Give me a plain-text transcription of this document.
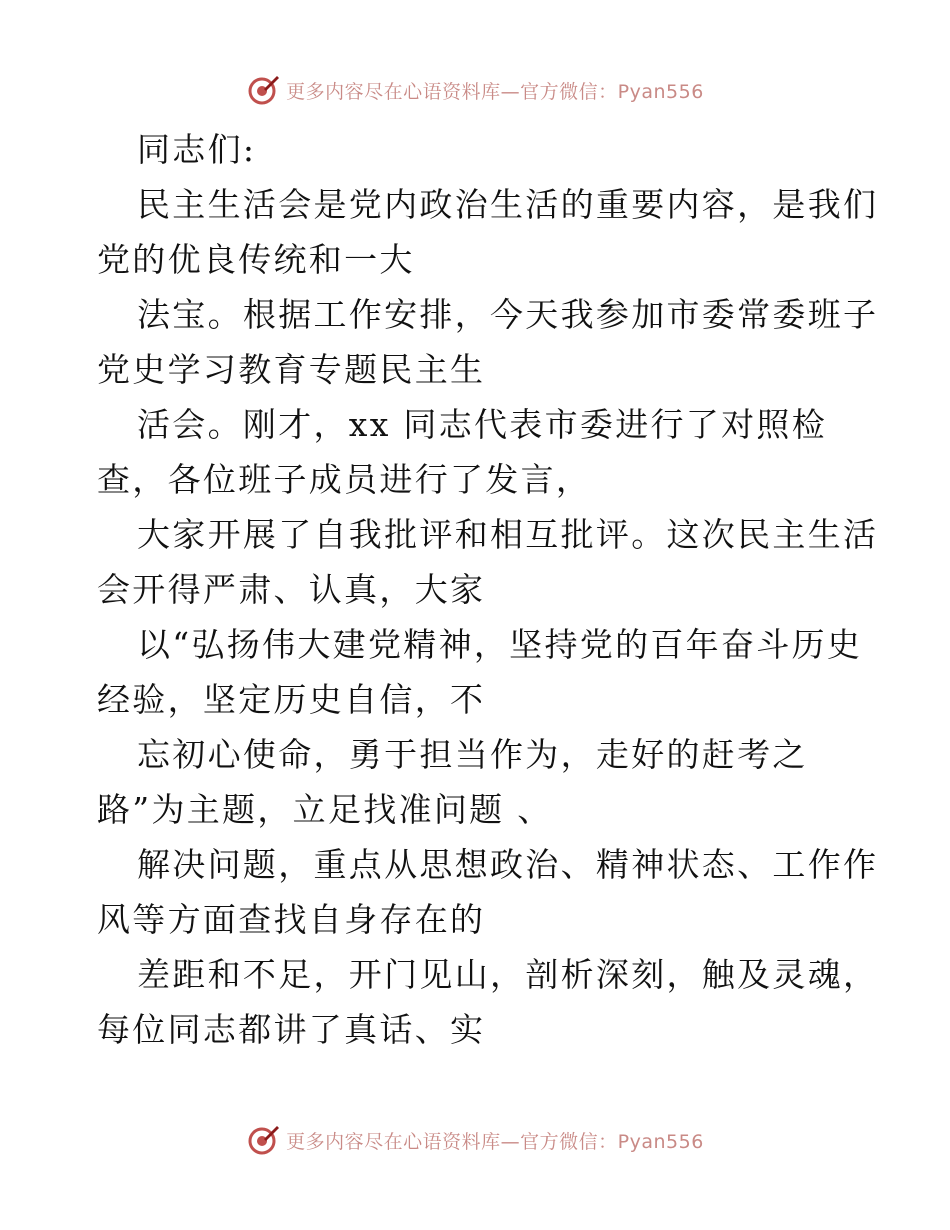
更多内容尽在心语资料库—官方微信：Pyan556
同志们:
民主生活会是党内政治生活的重要内容，是我们
党的优良传统和一大
法宝。根据工作安排，今天我参加市委常委班子
党史学习教育专题民主生
活会。刚才，xx 同志代表市委进行了对照检
查，各位班子成员进行了发言，
大家开展了自我批评和相互批评。这次民主生活
会开得严肃、认真，大家
以“弘扬伟大建党精神，坚持党的百年奋斗历史
经验，坚定历史自信，不
忘初心使命，勇于担当作为，走好的赶考之
路”为主题，立足找准问题 、
解决问题，重点从思想政治、精神状态、工作作
风等方面查找自身存在的
差距和不足，开门见山，剖析深刻，触及灵魂，
每位同志都讲了真话、实
更多内容尽在心语资料库—官方微信：Pyan556
